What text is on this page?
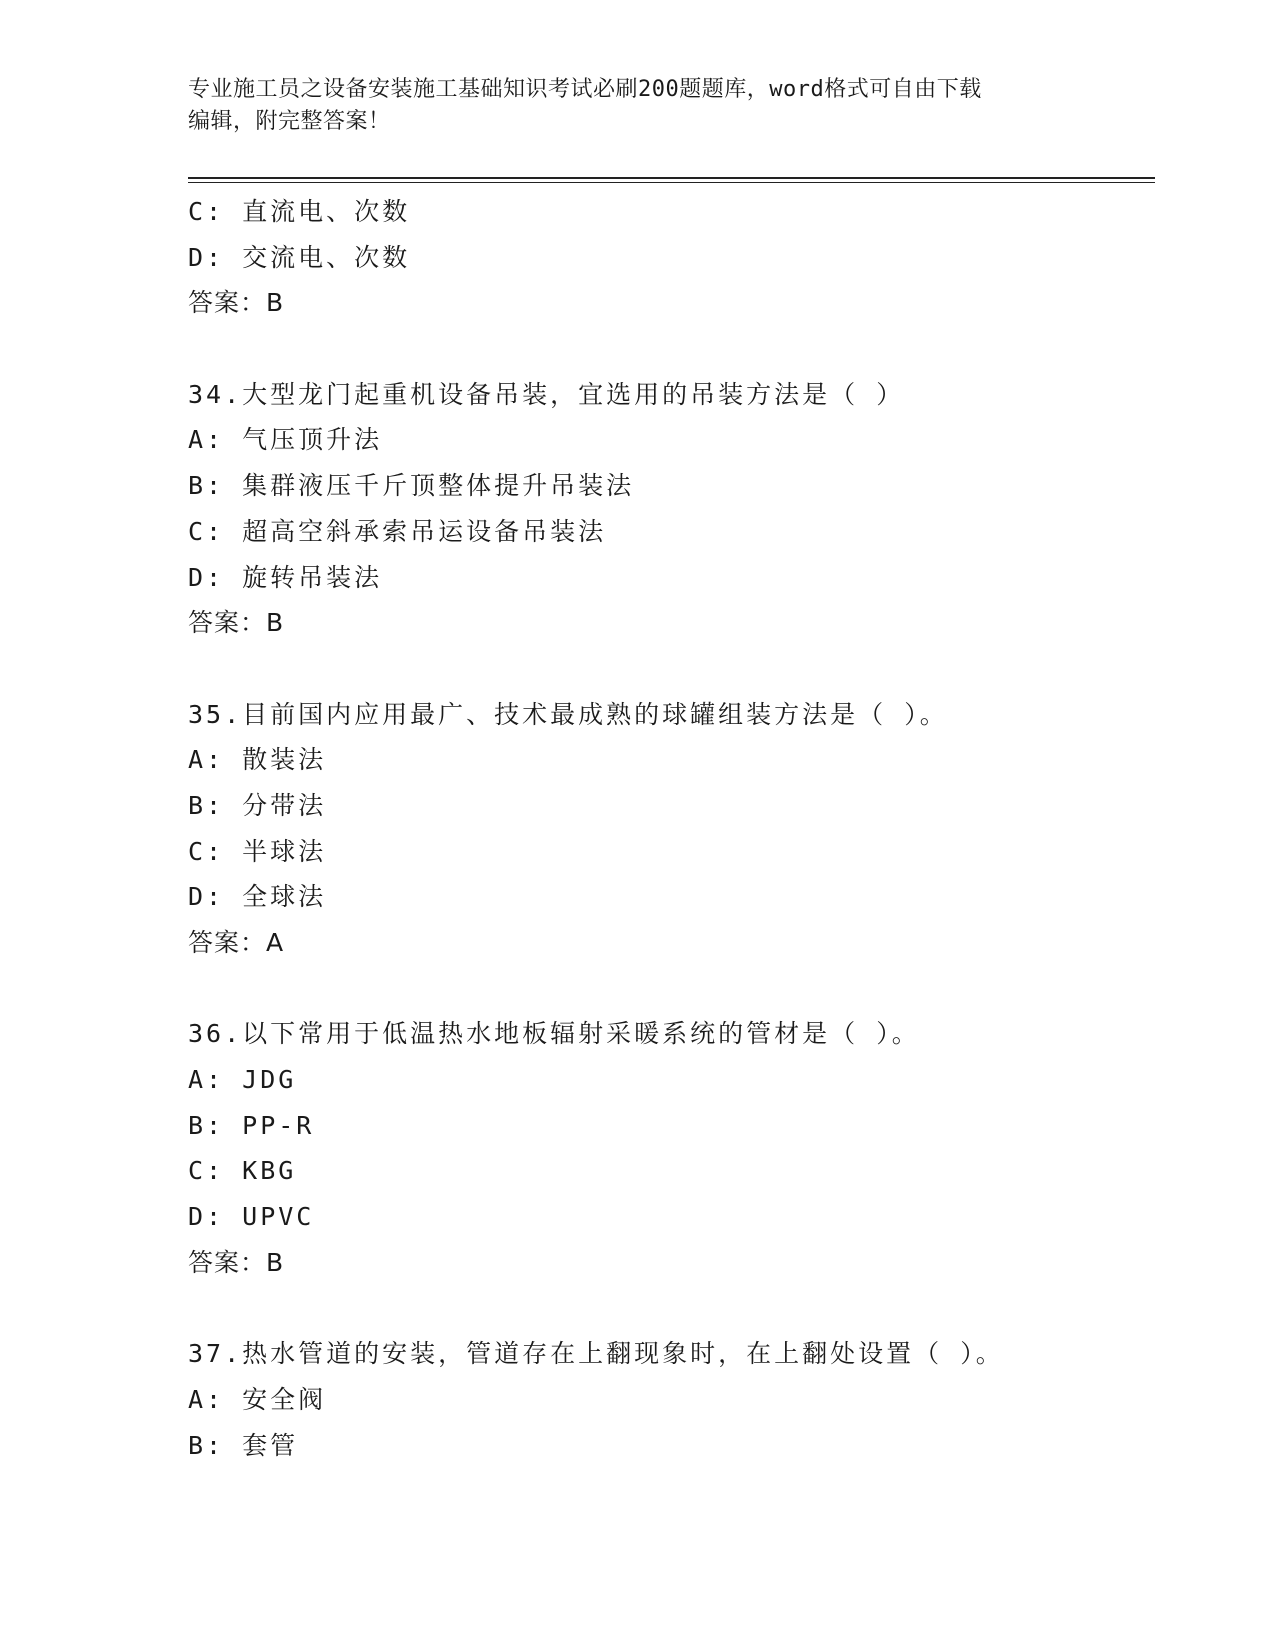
专业施工员之设备安装施工基础知识考试必刷200题题库，word格式可自由下载
编辑，附完整答案！
C: 直流电、次数
D: 交流电、次数
答案：B
34.大型龙门起重机设备吊装，宜选用的吊装方法是（ ）
A: 气压顶升法
B: 集群液压千斤顶整体提升吊装法
C: 超高空斜承索吊运设备吊装法
D: 旋转吊装法
答案：B
35.目前国内应用最广、技术最成熟的球罐组装方法是（ ）。
A: 散装法
B: 分带法
C: 半球法
D: 全球法
答案：A
36.以下常用于低温热水地板辐射采暖系统的管材是（ ）。
A: JDG
B: PP-R
C: KBG
D: UPVC
答案：B
37.热水管道的安装，管道存在上翻现象时，在上翻处设置（ ）。
A: 安全阀
B: 套管
